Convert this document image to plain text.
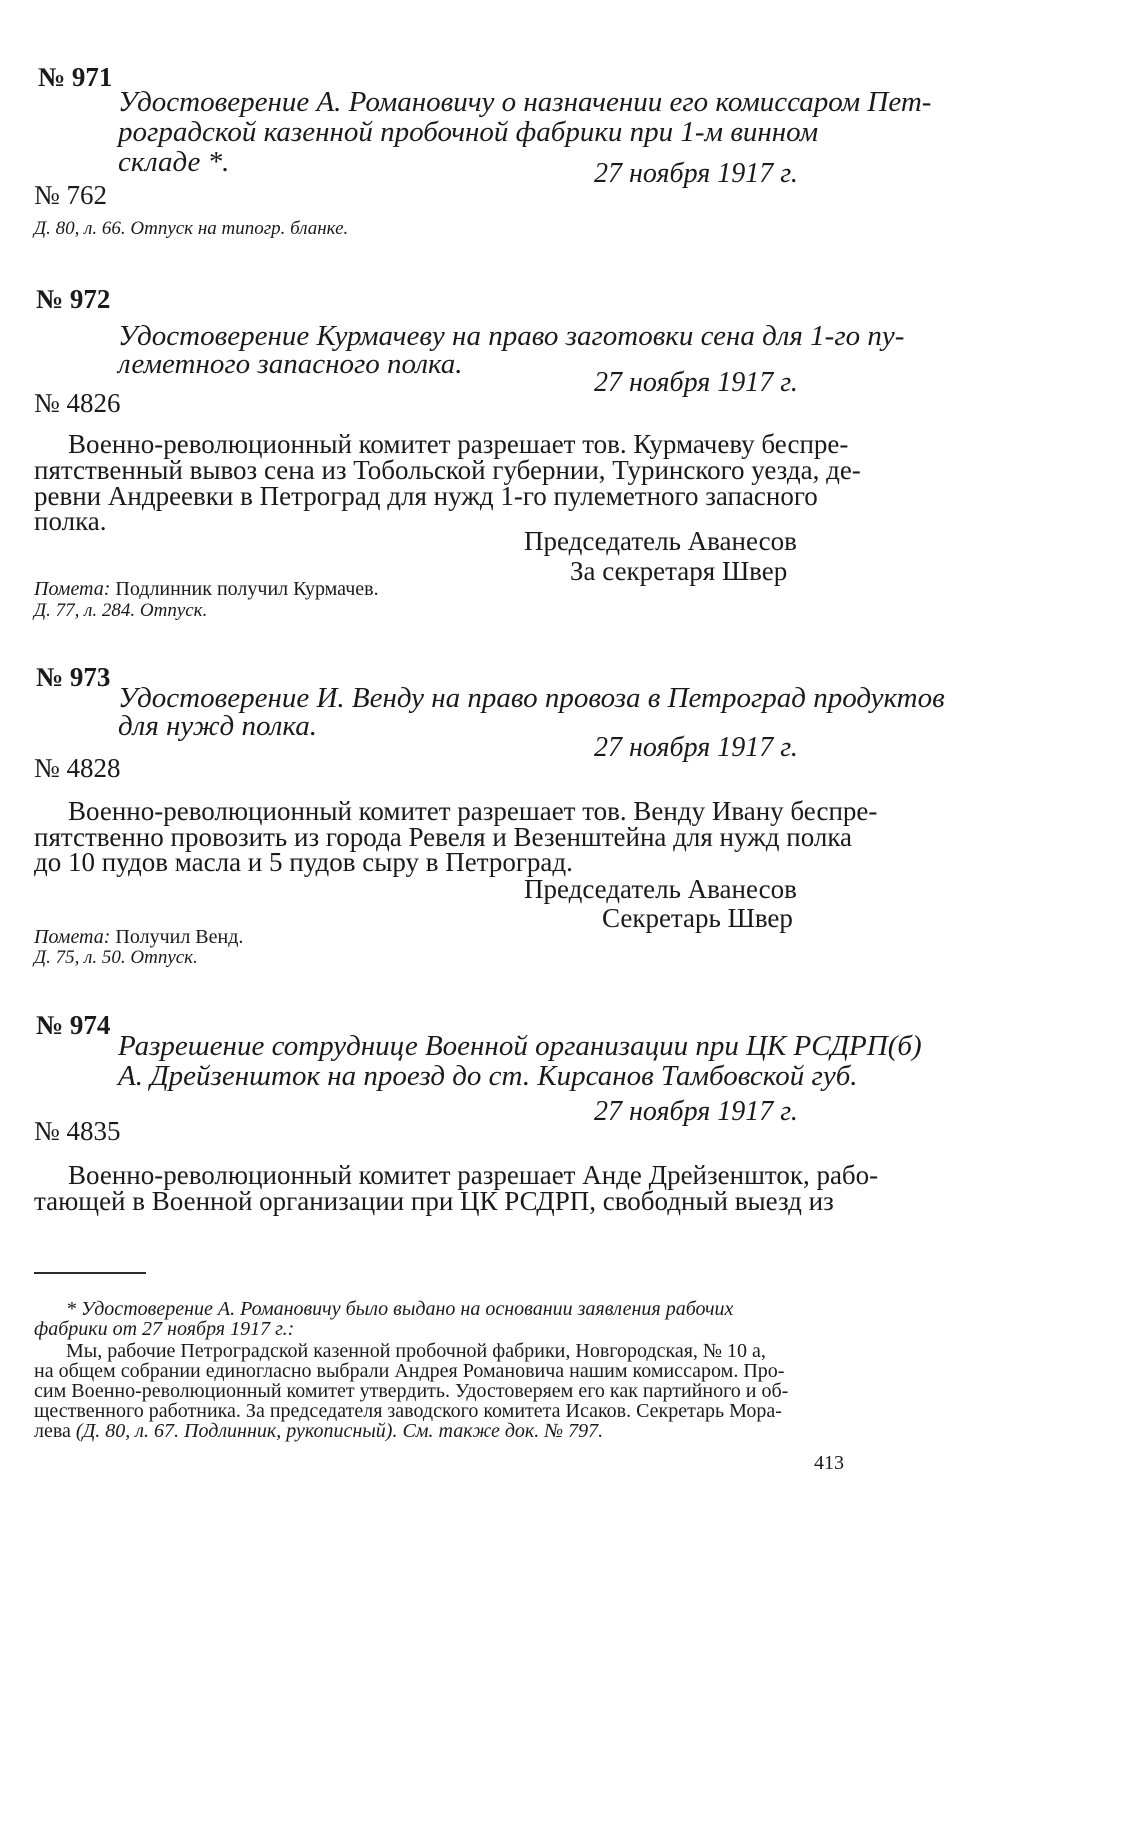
№ 971
Удостоверение А. Романовичу о назначении его комиссаром Пет-
роградской казенной пробочной фабрики при 1-м винном
складе *.	27 ноября 1917 г.
№ 762
Д. 80, л. 66. Отпуск на типогр. бланке.
№ 972
Удостоверение Курмачеву на право заготовки сена для 1-го пу-
леметного запасного полка.
27 ноября 1917 г.
№ 4826
Военно-революционный комитет разрешает тов. Курмачеву беспре-
пятственный вывоз сена из Тобольской губернии, Туринского уезда, де-
ревни Андреевки в Петроград для нужд 1-го пулеметного запасного
полка.
Председатель Аванесов
За секретаря Швер
Помета: Подлинник получил Курмачев.
Д. 77, л. 284. Отпуск.
№ 973
Удостоверение И. Венду на право провоза в Петроград продуктов
для нужд полка.
27 ноября 1917 г.
№ 4828
Военно-революционный комитет разрешает тов. Венду Ивану беспре-
пятственно провозить из города Ревеля и Везенштейна для нужд полка
до 10 пудов масла и 5 пудов сыру в Петроград.
Председатель Аванесов
Секретарь Швер
Помета: Получил Венд.
Д. 75, л. 50. Отпуск.
№ 974
Разрешение сотруднице Военной организации при ЦК РСДРП(б)
А. Дрейзеншток на проезд до ст. Кирсанов Тамбовской губ.
27 ноября 1917 г.
№ 4835
Военно-революционный комитет разрешает Анде Дрейзеншток, рабо-
тающей в Военной организации при ЦК РСДРП, свободный выезд из
* Удостоверение А. Романовичу было выдано на основании заявления рабочих
фабрики от 27 ноября 1917 г.:
Мы, рабочие Петроградской казенной пробочной фабрики, Новгородская, № 10 а,
на общем собрании единогласно выбрали Андрея Романовича нашим комиссаром. Про-
сим Военно-революционный комитет утвердить. Удостоверяем его как партийного и об-
щественного работника. За председателя заводского комитета Исаков. Секретарь Мора-
лева (Д. 80, л. 67. Подлинник, рукописный). См. также док. № 797.
413
